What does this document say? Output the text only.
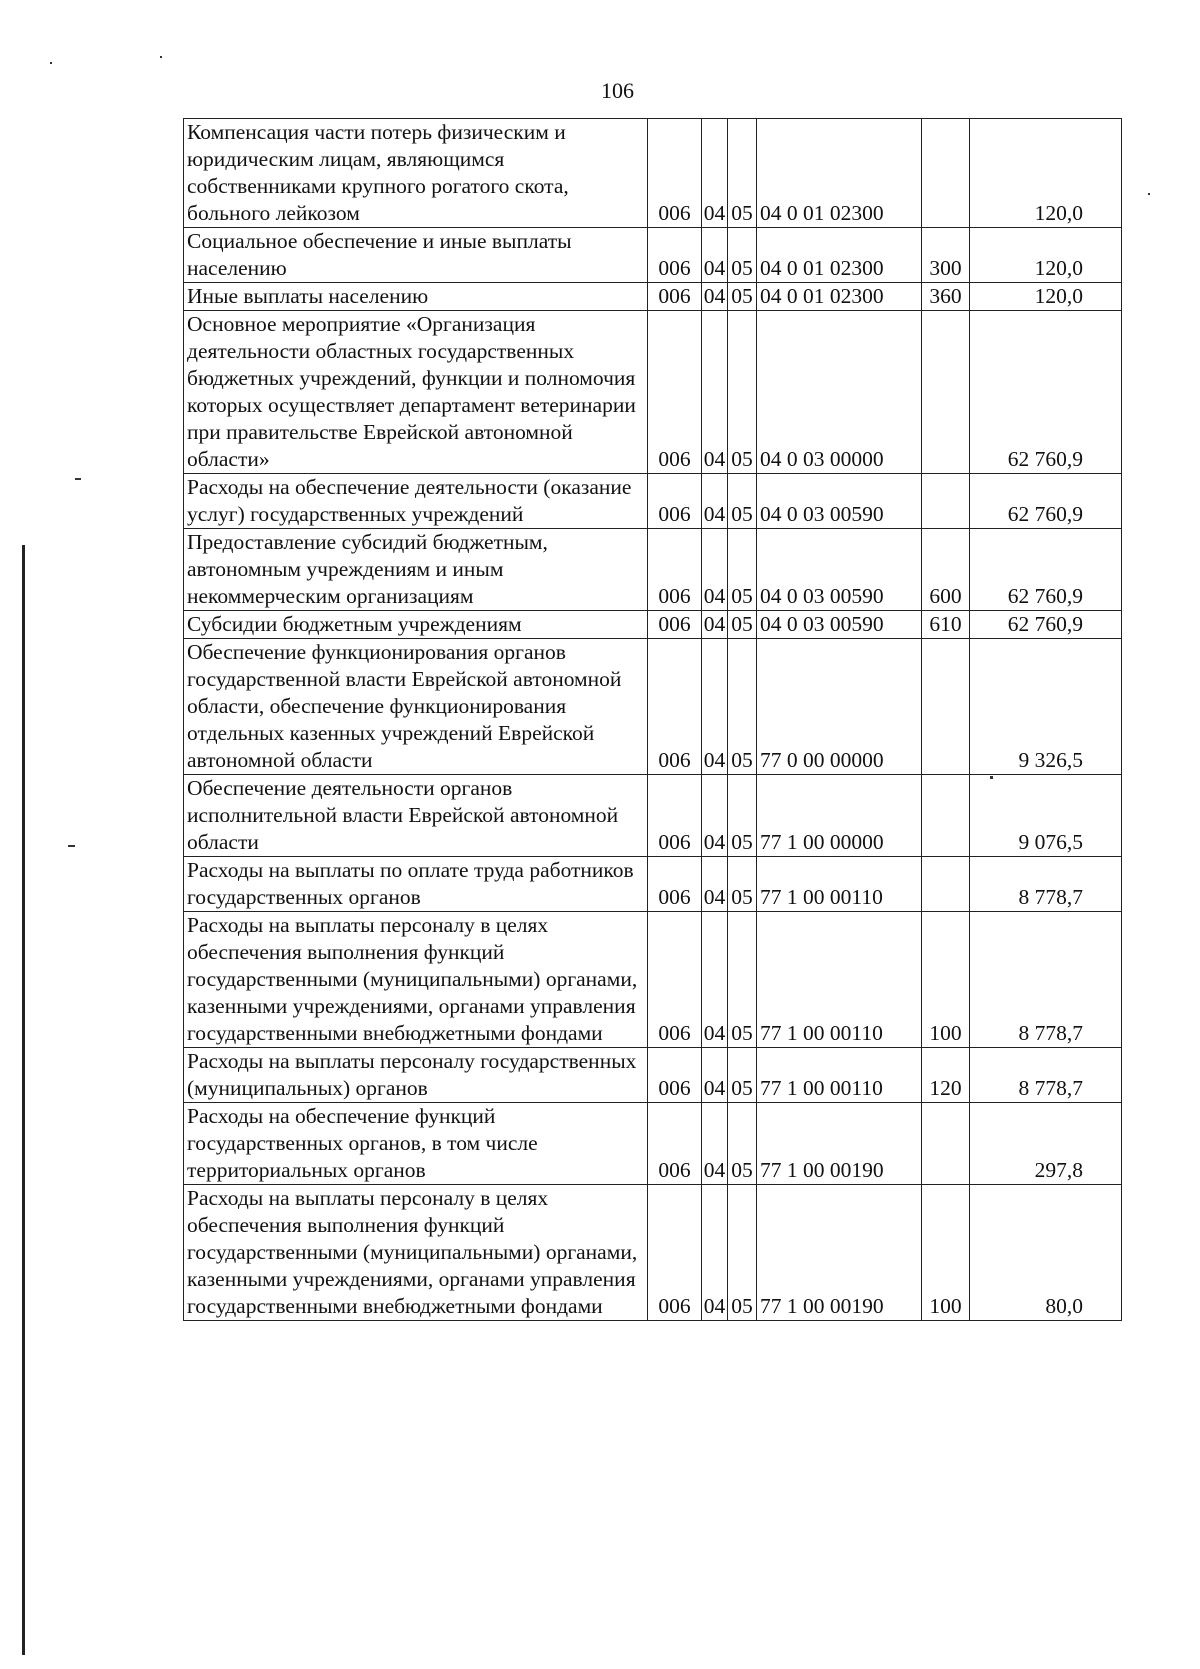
106
Компенсация части потерь физическим и юридическим лицам, являющимся собственниками крупного рогатого скота, больного лейкозом	006	04	05	04 0 01 02300		120,0
Социальное обеспечение и иные выплаты населению	006	04	05	04 0 01 02300	300	120,0
Иные выплаты населению	006	04	05	04 0 01 02300	360	120,0
Основное мероприятие «Организация деятельности областных государственных бюджетных учреждений, функции и полномочия которых осуществляет департамент ветеринарии при правительстве Еврейской автономной области»	006	04	05	04 0 03 00000		62 760,9
Расходы на обеспечение деятельности (оказание услуг) государственных учреждений	006	04	05	04 0 03 00590		62 760,9
Предоставление субсидий бюджетным, автономным учреждениям и иным некоммерческим организациям	006	04	05	04 0 03 00590	600	62 760,9
Субсидии бюджетным учреждениям	006	04	05	04 0 03 00590	610	62 760,9
Обеспечение функционирования органов государственной власти Еврейской автономной области, обеспечение функционирования отдельных казенных учреждений Еврейской автономной области	006	04	05	77 0 00 00000		9 326,5
Обеспечение деятельности органов исполнительной власти Еврейской автономной области	006	04	05	77 1 00 00000		9 076,5
Расходы на выплаты по оплате труда работников государственных органов	006	04	05	77 1 00 00110		8 778,7
Расходы на выплаты персоналу в целях обеспечения выполнения функций государственными (муниципальными) органами, казенными учреждениями, органами управления государственными внебюджетными фондами	006	04	05	77 1 00 00110	100	8 778,7
Расходы на выплаты персоналу государственных (муниципальных) органов	006	04	05	77 1 00 00110	120	8 778,7
Расходы на обеспечение функций государственных органов, в том числе территориальных органов	006	04	05	77 1 00 00190		297,8
Расходы на выплаты персоналу в целях обеспечения выполнения функций государственными (муниципальными) органами, казенными учреждениями, органами управления государственными внебюджетными фондами	006	04	05	77 1 00 00190	100	80,0
